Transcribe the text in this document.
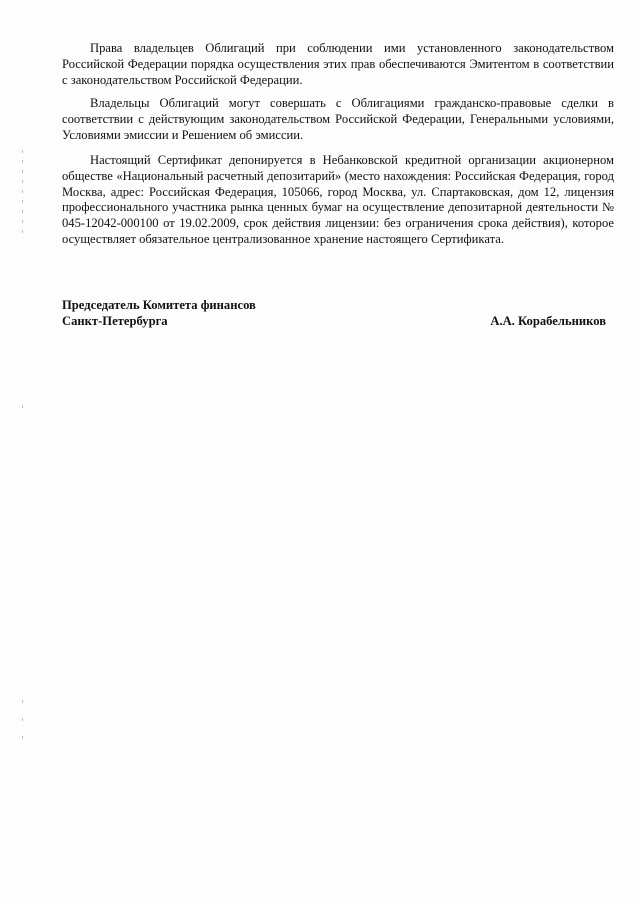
Права владельцев Облигаций при соблюдении ими установленного законодательством Российской Федерации порядка осуществления этих прав обеспечиваются Эмитентом в соответствии с законодательством Российской Федерации.

Владельцы Облигаций могут совершать с Облигациями гражданско-правовые сделки в соответствии с действующим законодательством Российской Федерации, Генеральными условиями, Условиями эмиссии и Решением об эмиссии.

Настоящий Сертификат депонируется в Небанковской кредитной организации акционерном обществе «Национальный расчетный депозитарий» (место нахождения: Российская Федерация, город Москва, адрес: Российская Федерация, 105066, город Москва, ул. Спартаковская, дом 12, лицензия профессионального участника рынка ценных бумаг на осуществление депозитарной деятельности № 045-12042-000100 от 19.02.2009, срок действия лицензии: без ограничения срока действия), которое осуществляет обязательное централизованное хранение настоящего Сертификата.

Председатель Комитета финансов
Санкт-Петербурга	А.А. Корабельников
